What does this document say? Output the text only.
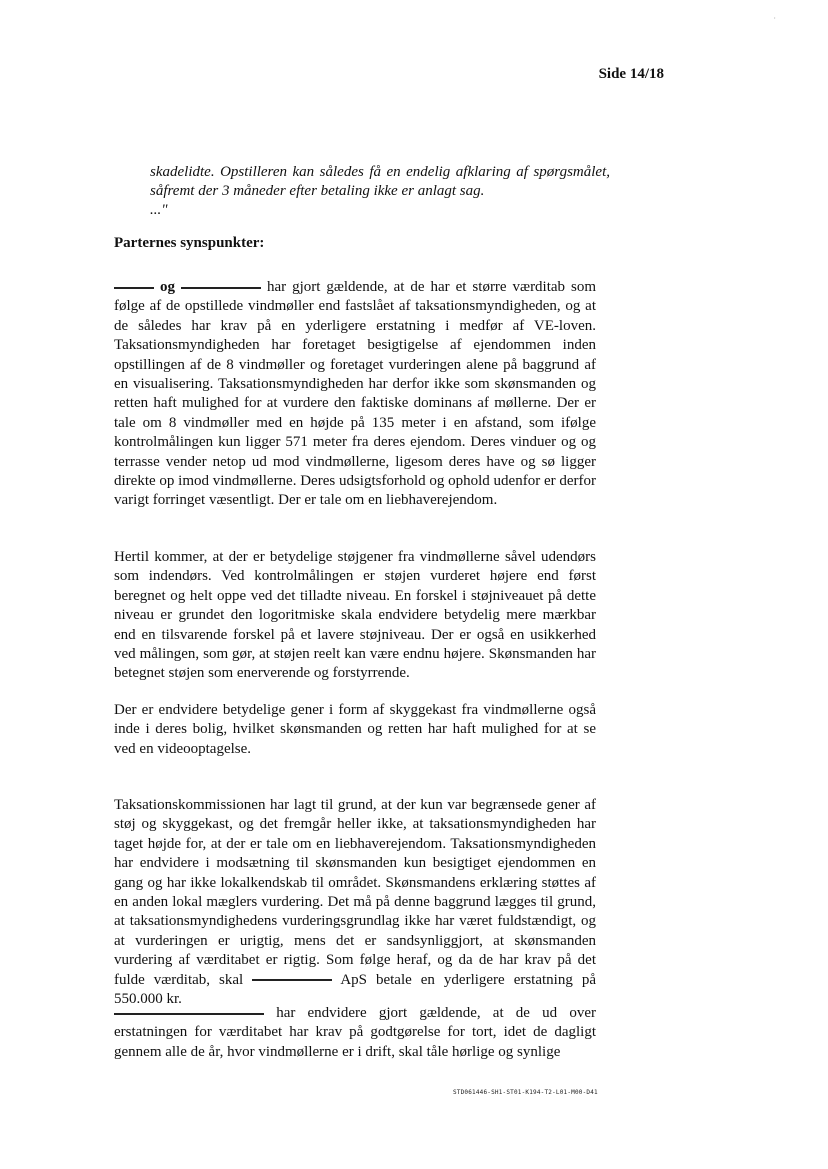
·
Side 14/18

skadelidte. Opstilleren kan således få en endelig afklaring af spørgsmålet, såfremt der 3 måneder efter betaling ikke er anlagt sag.

..."

Parternes synspunkter:

og	har gjort gældende, at de har et større værditab som følge af de opstillede vindmøller end fastslået af taksationsmyndigheden, og at de således har krav på en yderligere erstatning i medfør af VE-loven. Taksationsmyndigheden har foretaget besigtigelse af ejendommen inden opstillingen af de 8 vindmøller og foretaget vurderingen alene på baggrund af en visualisering. Taksationsmyndigheden har derfor ikke som skønsmanden og retten haft mulighed for at vurdere den faktiske dominans af møllerne. Der er tale om 8 vindmøller med en højde på 135 meter i en afstand, som ifølge kontrolmålingen kun ligger 571 meter fra deres ejendom. Deres vinduer og og terrasse vender netop ud mod vindmøllerne, ligesom deres have og sø ligger direkte op imod vindmøllerne. Deres udsigtsforhold og ophold udenfor er derfor varigt forringet væsentligt. Der er tale om en liebhaverejendom.

Hertil kommer, at der er betydelige støjgener fra vindmøllerne såvel udendørs som indendørs. Ved kontrolmålingen er støjen vurderet højere end først beregnet og helt oppe ved det tilladte niveau. En forskel i støjniveauet på dette niveau er grundet den logoritmiske skala endvidere betydelig mere mærkbar end en tilsvarende forskel på et lavere støjniveau. Der er også en usikkerhed ved målingen, som gør, at støjen reelt kan være endnu højere. Skønsmanden har betegnet støjen som enerverende og forstyrrende.

Der er endvidere betydelige gener i form af skyggekast fra vindmøllerne også inde i deres bolig, hvilket skønsmanden og retten har haft mulighed for at se ved en videooptagelse.

Taksationskommissionen har lagt til grund, at der kun var begrænsede gener af støj og skyggekast, og det fremgår heller ikke, at taksationsmyndigheden har taget højde for, at der er tale om en liebhaverejendom. Taksationsmyndigheden har endvidere i modsætning til skønsmanden kun besigtiget ejendommen en gang og har ikke lokalkendskab til området. Skønsmandens erklæring støttes af en anden lokal mæglers vurdering. Det må på denne baggrund lægges til grund, at taksationsmyndighedens vurderingsgrundlag ikke har været fuldstændigt, og at vurderingen er urigtig, mens det er sandsynliggjort, at skønsmanden vurdering af værditabet er rigtig. Som følge heraf, og da de har krav på det fulde værditab, skal	ApS betale en yderligere erstatning på 550.000 kr.

har endvidere gjort gældende, at de ud over erstatningen for værditabet har krav på godtgørelse for tort, idet de dagligt gennem alle de år, hvor vindmøllerne er i drift, skal tåle hørlige og synlige

STD061446-SH1-ST01-K194-T2-L01-M00-D41
